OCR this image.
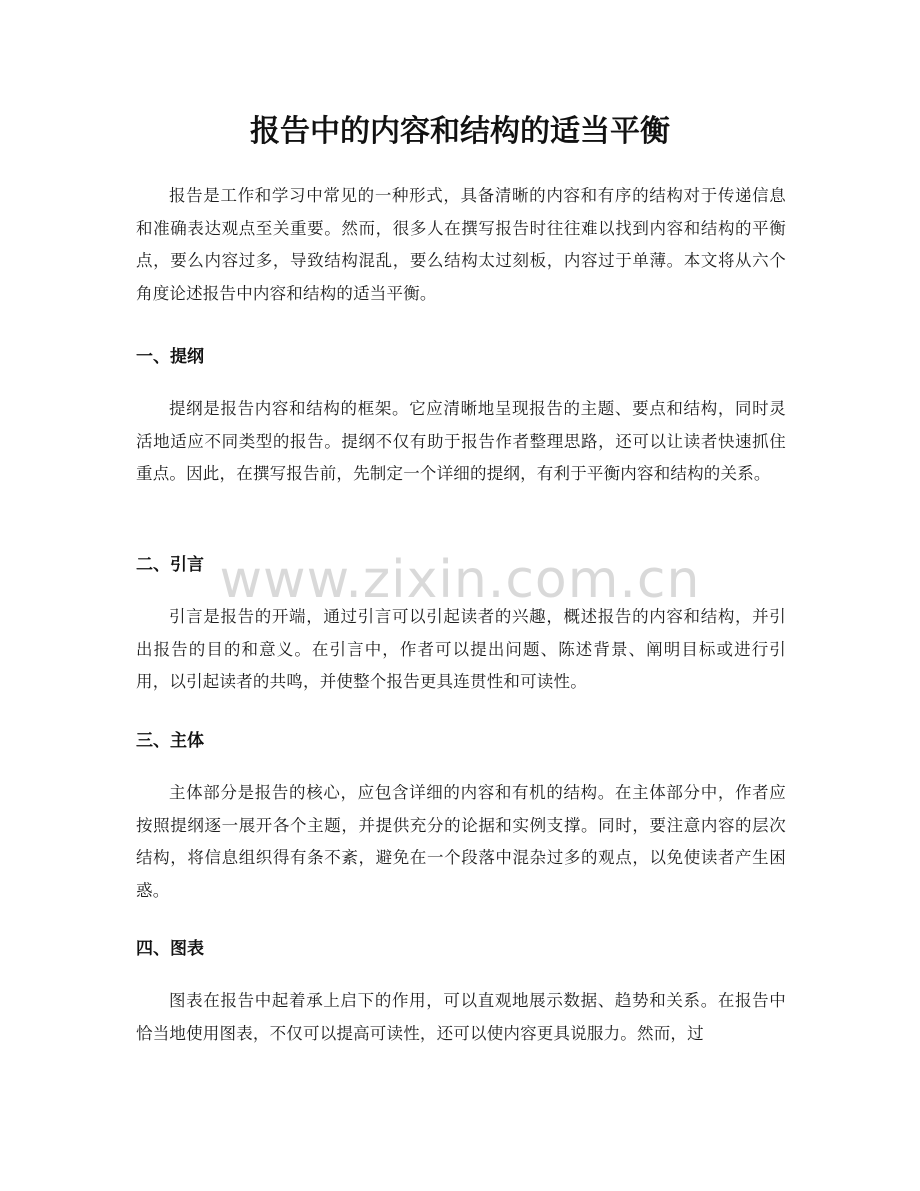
报告中的内容和结构的适当平衡

报告是工作和学习中常见的一种形式，具备清晰的内容和有序的结构对于传递信息和准确表达观点至关重要。然而，很多人在撰写报告时往往难以找到内容和结构的平衡点，要么内容过多，导致结构混乱，要么结构太过刻板，内容过于单薄。本文将从六个角度论述报告中内容和结构的适当平衡。

一、提纲

提纲是报告内容和结构的框架。它应清晰地呈现报告的主题、要点和结构，同时灵活地适应不同类型的报告。提纲不仅有助于报告作者整理思路，还可以让读者快速抓住重点。因此，在撰写报告前，先制定一个详细的提纲，有利于平衡内容和结构的关系。

二、引言

引言是报告的开端，通过引言可以引起读者的兴趣，概述报告的内容和结构，并引出报告的目的和意义。在引言中，作者可以提出问题、陈述背景、阐明目标或进行引用，以引起读者的共鸣，并使整个报告更具连贯性和可读性。

三、主体

主体部分是报告的核心，应包含详细的内容和有机的结构。在主体部分中，作者应按照提纲逐一展开各个主题，并提供充分的论据和实例支撑。同时，要注意内容的层次结构，将信息组织得有条不紊，避免在一个段落中混杂过多的观点，以免使读者产生困惑。

四、图表

图表在报告中起着承上启下的作用，可以直观地展示数据、趋势和关系。在报告中恰当地使用图表，不仅可以提高可读性，还可以使内容更具说服力。然而，过

www.zixin.com.cn
